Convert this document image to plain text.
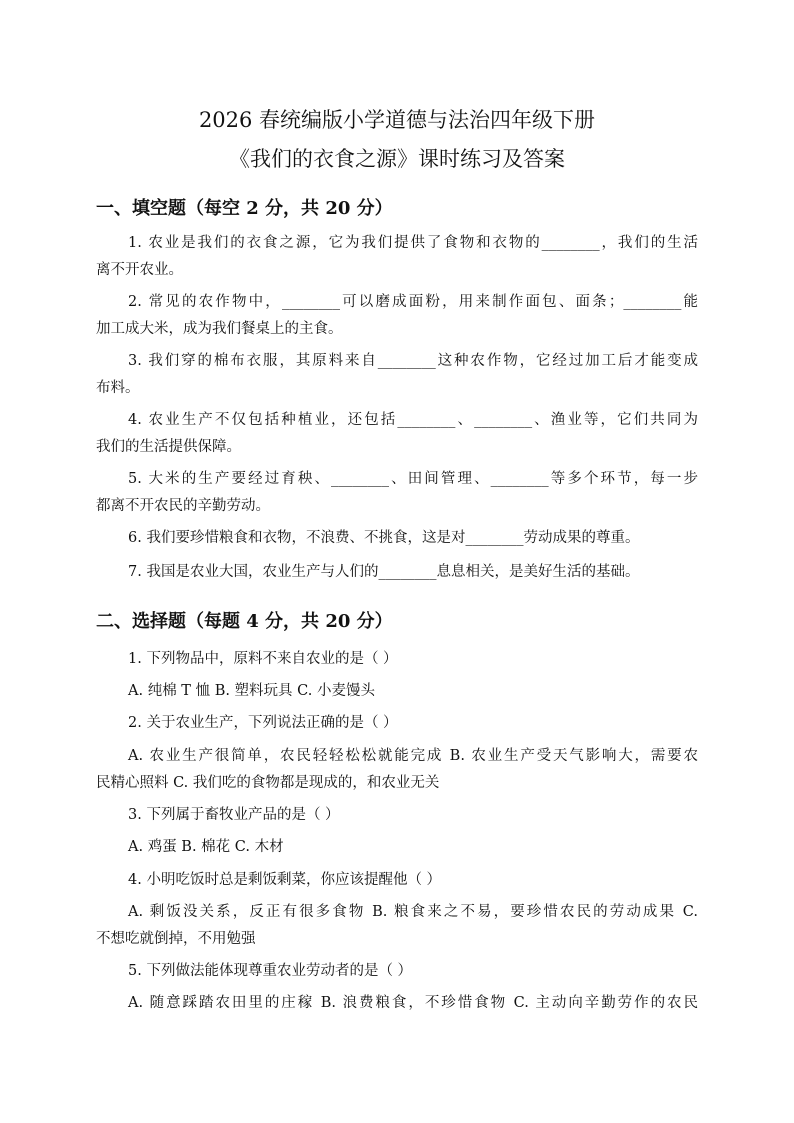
2026 春统编版小学道德与法治四年级下册
《我们的衣食之源》课时练习及答案
一、填空题（每空 2 分，共 20 分）
1. 农业是我们的衣食之源，它为我们提供了食物和衣物的________，我们的生活
离不开农业。
2. 常见的农作物中，________可以磨成面粉，用来制作面包、面条；________能
加工成大米，成为我们餐桌上的主食。
3. 我们穿的棉布衣服，其原料来自________这种农作物，它经过加工后才能变成
布料。
4. 农业生产不仅包括种植业，还包括________、________、渔业等，它们共同为
我们的生活提供保障。
5. 大米的生产要经过育秧、________、田间管理、________等多个环节，每一步
都离不开农民的辛勤劳动。
6. 我们要珍惜粮食和衣物，不浪费、不挑食，这是对________劳动成果的尊重。
7. 我国是农业大国，农业生产与人们的________息息相关，是美好生活的基础。
二、选择题（每题 4 分，共 20 分）
1. 下列物品中，原料不来自农业的是（ ）
A. 纯棉 T 恤 B. 塑料玩具 C. 小麦馒头
2. 关于农业生产，下列说法正确的是（ ）
A. 农业生产很简单，农民轻轻松松就能完成 B. 农业生产受天气影响大，需要农
民精心照料 C. 我们吃的食物都是现成的，和农业无关
3. 下列属于畜牧业产品的是（ ）
A. 鸡蛋 B. 棉花 C. 木材
4. 小明吃饭时总是剩饭剩菜，你应该提醒他（ ）
A. 剩饭没关系，反正有很多食物 B. 粮食来之不易，要珍惜农民的劳动成果 C.
不想吃就倒掉，不用勉强
5. 下列做法能体现尊重农业劳动者的是（ ）
A. 随意踩踏农田里的庄稼 B. 浪费粮食，不珍惜食物 C. 主动向辛勤劳作的农民
